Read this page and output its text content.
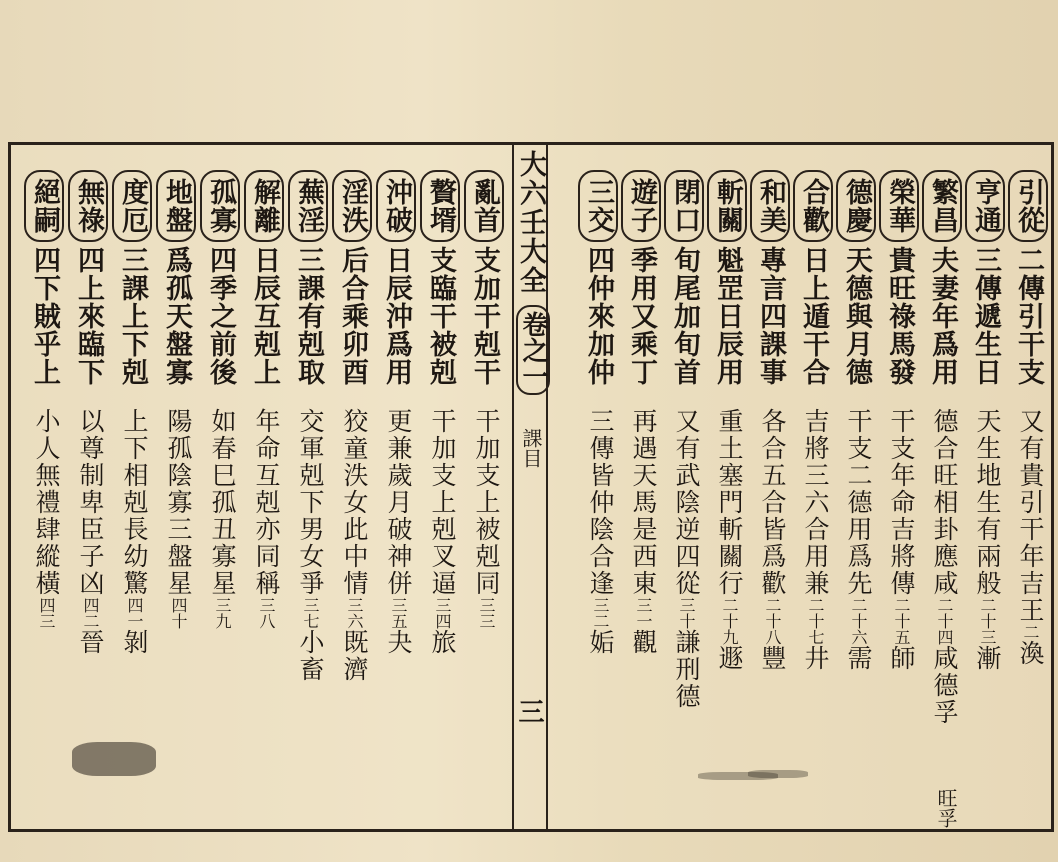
大六壬大全
卷之一
課目
三
引從二傳引干支
又有貴引干年吉王二渙
亨通三傳遞生日
天生地生有兩般二十三漸
繁昌夫妻年爲用
德合旺相卦應咸二十四咸德孚
榮華貴旺祿馬發
干支年命吉將傳二十五師
德慶天德與月德
干支二德用爲先二十六需
合歡日上遁干合
吉將三六合用兼二十七井
和美專言四課事
各合五合皆爲歡二十八豐
斬關魁罡日辰用
重土塞門斬關行二十九遯
閉口旬尾加旬首
又有武陰逆四從三十謙刑德
遊子季用又乘丁
再遇天馬是西東三一觀
三交四仲來加仲
三傳皆仲陰合逢三二姤
亂首支加干剋干
干加支上被剋同三三
贅壻支臨干被剋
干加支上剋叉逼三四旅
沖破日辰沖爲用
更兼歲月破神併三五夬
淫泆后合乘卯酉
狡童泆女此中情三六既濟
蕪淫三課有剋取
交軍剋下男女爭三七小畜
解離日辰互剋上
年命互剋亦同稱三八
孤寡四季之前後
如春巳孤丑寡星三九
地盤爲孤天盤寡
陽孤陰寡三盤星四十
度厄三課上下剋
上下相剋長幼驚四一剝
無祿四上來臨下
以尊制卑臣子凶四二晉
絕嗣四下賊乎上
小人無禮肆縱橫四三
旺孚
